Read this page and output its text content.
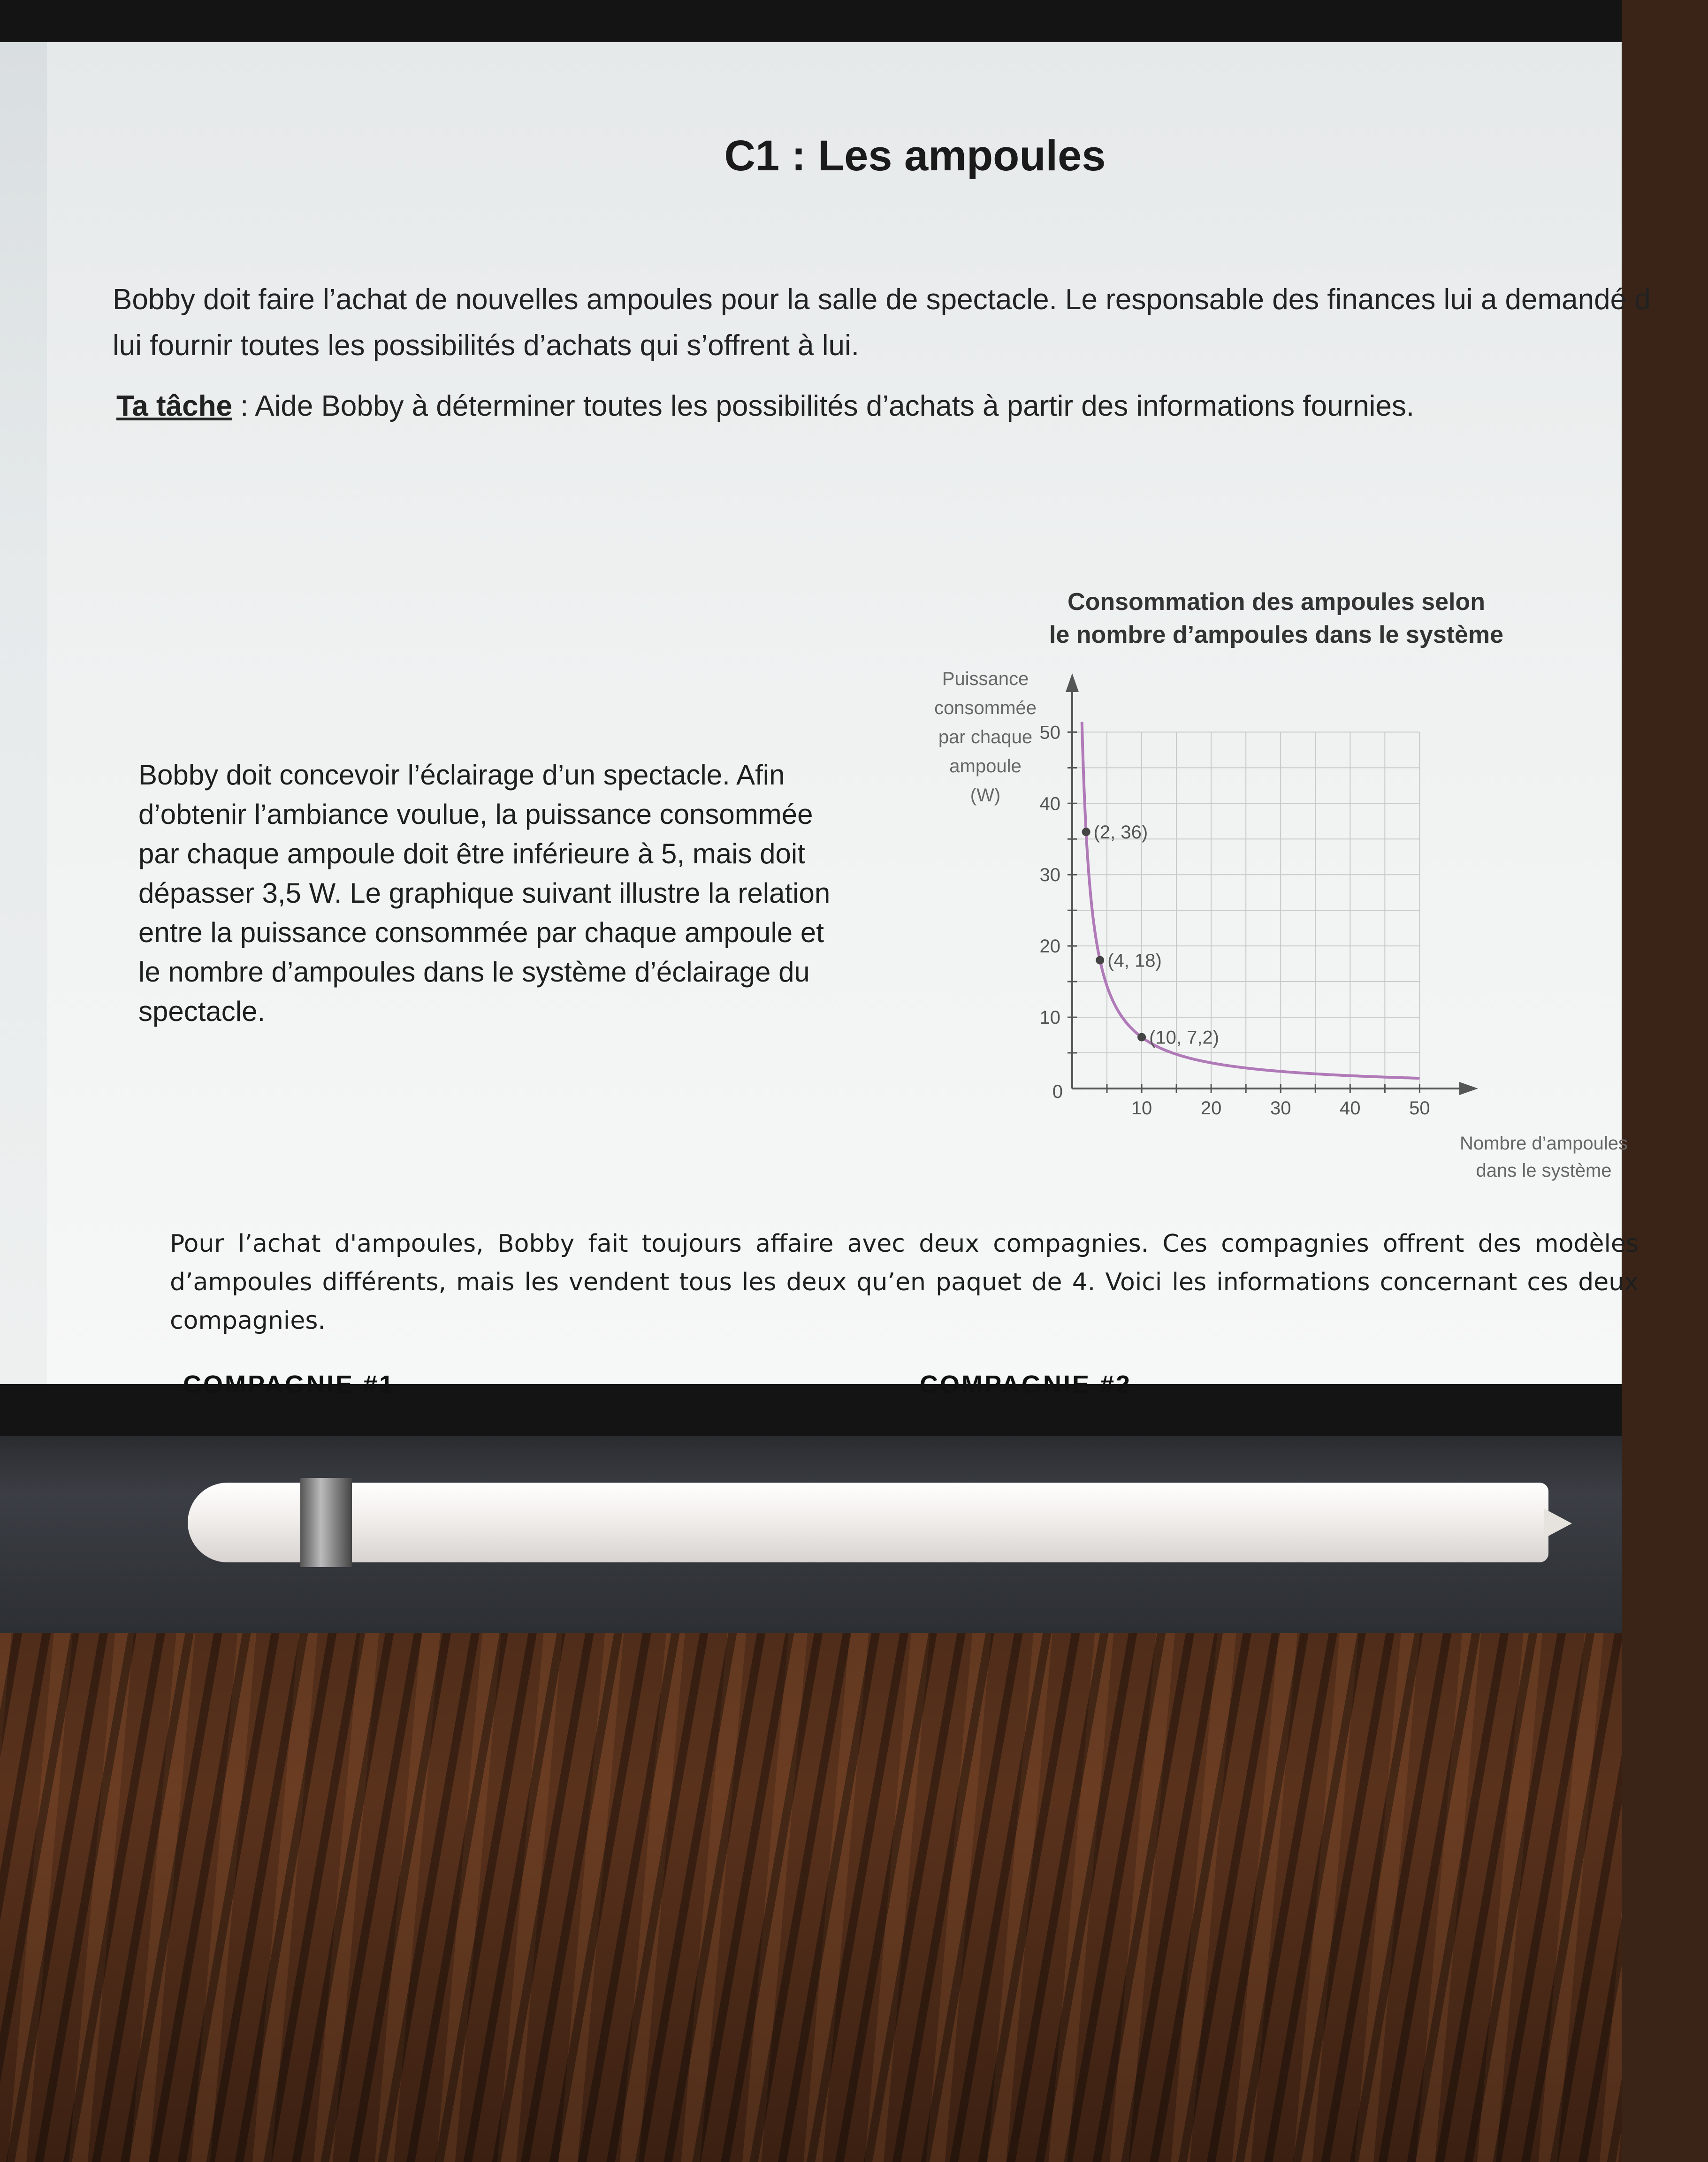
C1 : Les ampoules
Bobby doit faire l’achat de nouvelles ampoules pour la salle de spectacle. Le responsable des finances lui a demandé d
lui fournir toutes les possibilités d’achats qui s’offrent à lui.
Ta tâche : Aide Bobby à déterminer toutes les possibilités d’achats à partir des informations fournies.
Bobby doit concevoir l’éclairage d’un spectacle. Afin
d’obtenir l’ambiance voulue, la puissance consommée
par chaque ampoule doit être inférieure à 5, mais doit
dépasser 3,5 W. Le graphique suivant illustre la relation
entre la puissance consommée par chaque ampoule et
le nombre d’ampoules dans le système d’éclairage du
spectacle.
Consommation des ampoules selon
le nombre d’ampoules dans le système
10	20	30	40	50
10
20
30
40
50
0
Puissance
consommée
par chaque
ampoule
(W)
Nombre d’ampoules
dans le système
(2, 36)
(4, 18)
(10, 7,2)
Pour l’achat d'ampoules, Bobby fait toujours affaire avec deux compagnies. Ces compagnies offrent des modèles d’ampoules différents, mais les vendent tous les deux qu’en paquet de 4. Voici les informations concernant ces deux compagnies.
COMPAGNIE #1	COMPAGNIE #2
